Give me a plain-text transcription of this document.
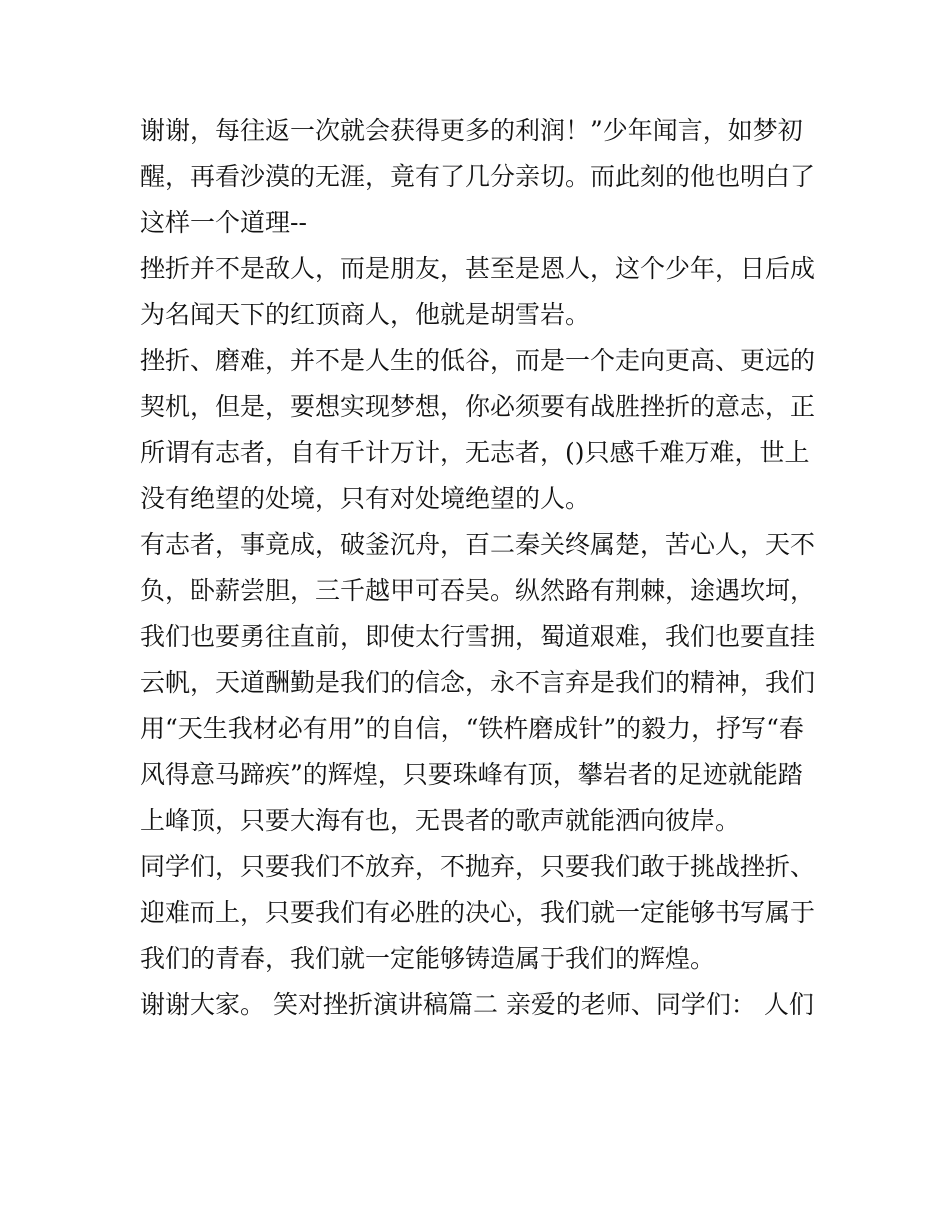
谢谢，每往返一次就会获得更多的利润！”少年闻言，如梦初
醒，再看沙漠的无涯，竟有了几分亲切。而此刻的他也明白了
这样一个道理--
挫折并不是敌人，而是朋友，甚至是恩人，这个少年，日后成
为名闻天下的红顶商人，他就是胡雪岩。
挫折、磨难，并不是人生的低谷，而是一个走向更高、更远的
契机，但是，要想实现梦想，你必须要有战胜挫折的意志，正
所谓有志者，自有千计万计，无志者，()只感千难万难，世上
没有绝望的处境，只有对处境绝望的人。
有志者，事竟成，破釜沉舟，百二秦关终属楚，苦心人，天不
负，卧薪尝胆，三千越甲可吞吴。纵然路有荆棘，途遇坎坷，
我们也要勇往直前，即使太行雪拥，蜀道艰难，我们也要直挂
云帆，天道酬勤是我们的信念，永不言弃是我们的精神，我们
用“天生我材必有用”的自信，“铁杵磨成针”的毅力，抒写“春
风得意马蹄疾”的辉煌，只要珠峰有顶，攀岩者的足迹就能踏
上峰顶，只要大海有也，无畏者的歌声就能洒向彼岸。
同学们，只要我们不放弃，不抛弃，只要我们敢于挑战挫折、
迎难而上，只要我们有必胜的决心，我们就一定能够书写属于
我们的青春，我们就一定能够铸造属于我们的辉煌。
谢谢大家。 笑对挫折演讲稿篇二 亲爱的老师、同学们： 人们
